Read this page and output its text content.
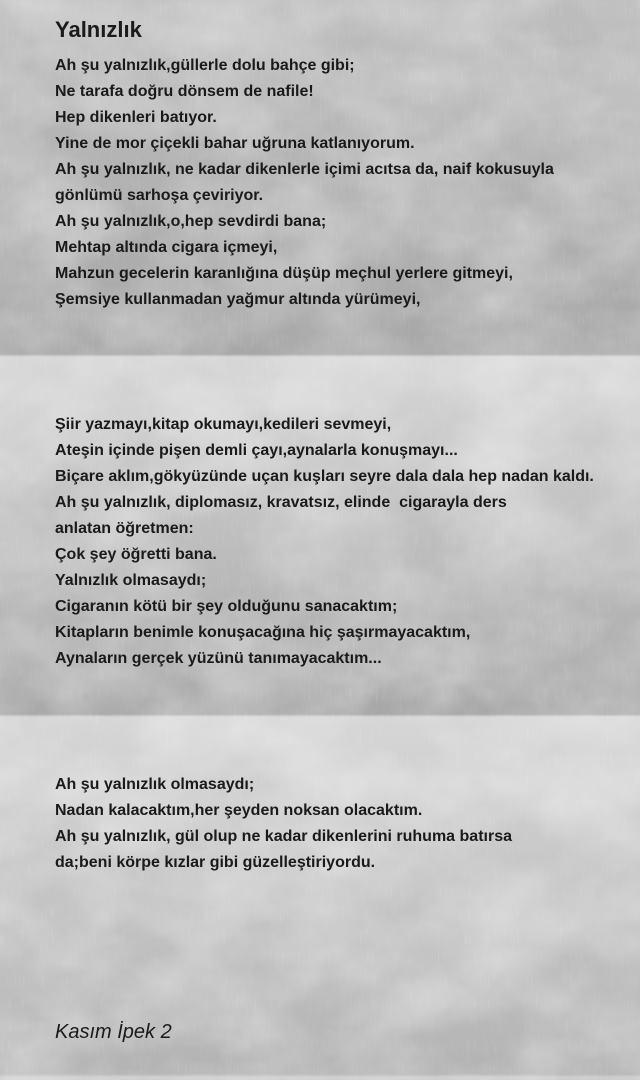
Yalnızlık
Ah şu yalnızlık,güllerle dolu bahçe gibi;
Ne tarafa doğru dönsem de nafile!
Hep dikenleri batıyor.
Yine de mor çiçekli bahar uğruna katlanıyorum.
Ah şu yalnızlık, ne kadar dikenlerle içimi acıtsa da, naif kokusuyla
gönlümü sarhoşa çeviriyor.
Ah şu yalnızlık,o,hep sevdirdi bana;
Mehtap altında cigara içmeyi,
Mahzun gecelerin karanlığına düşüp meçhul yerlere gitmeyi,
Şemsiye kullanmadan yağmur altında yürümeyi,
Şiir yazmayı,kitap okumayı,kedileri sevmeyi,
Ateşin içinde pişen demli çayı,aynalarla konuşmayı...
Biçare aklım,gökyüzünde uçan kuşları seyre dala dala hep nadan kaldı.
Ah şu yalnızlık, diplomasız, kravatsız, elinde  cigarayla ders
anlatan öğretmen:
Çok şey öğretti bana.
Yalnızlık olmasaydı;
Cigaranın kötü bir şey olduğunu sanacaktım;
Kitapların benimle konuşacağına hiç şaşırmayacaktım,
Aynaların gerçek yüzünü tanımayacaktım...
Ah şu yalnızlık olmasaydı;
Nadan kalacaktım,her şeyden noksan olacaktım.
Ah şu yalnızlık, gül olup ne kadar dikenlerini ruhuma batırsa
da;beni körpe kızlar gibi güzelleştiriyordu.
Kasım İpek 2
